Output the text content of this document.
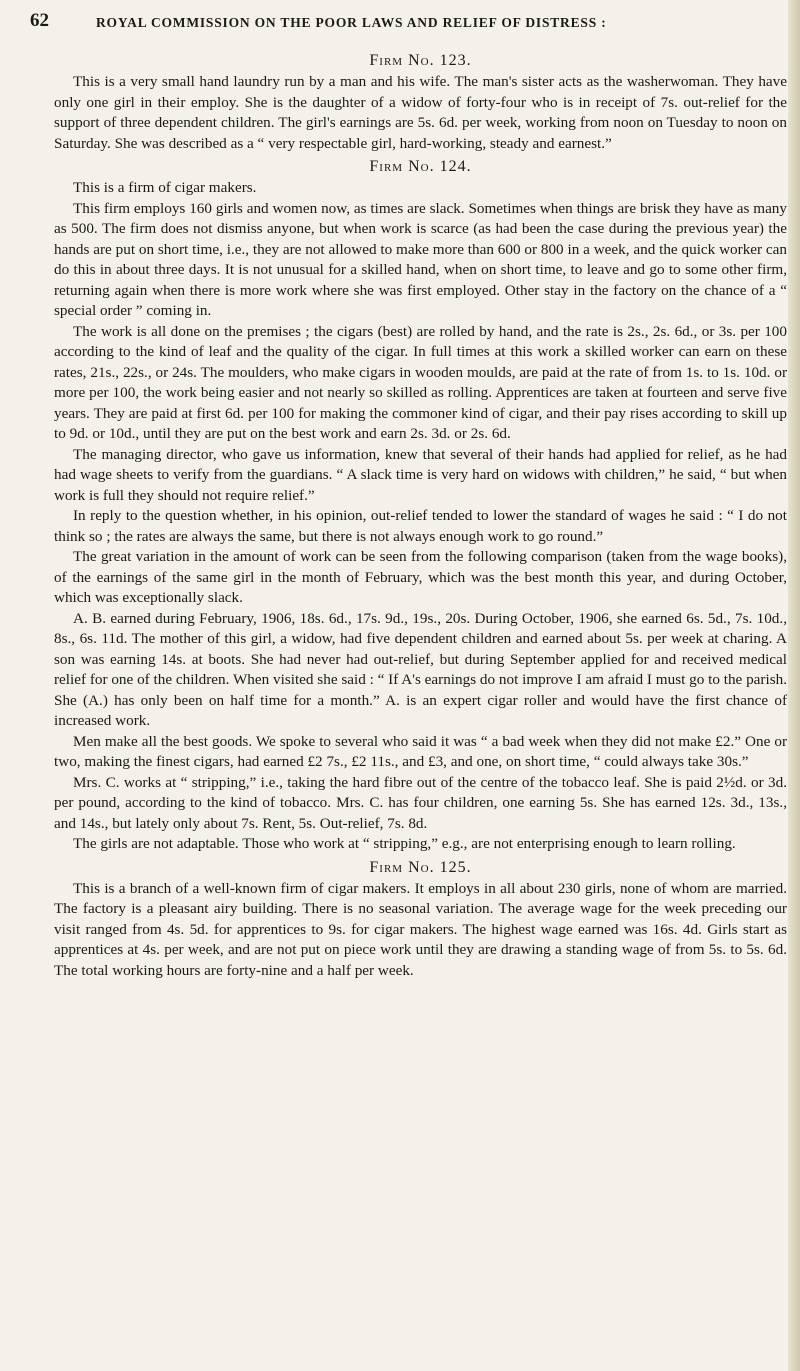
62	ROYAL COMMISSION ON THE POOR LAWS AND RELIEF OF DISTRESS :
Firm No. 123.

This is a very small hand laundry run by a man and his wife. The man's sister acts as the washerwoman. They have only one girl in their employ. She is the daughter of a widow of forty-four who is in receipt of 7s. out-relief for the support of three dependent children. The girl's earnings are 5s. 6d. per week, working from noon on Tuesday to noon on Saturday. She was described as a “ very respectable girl, hard-working, steady and earnest.”

Firm No. 124.

This is a firm of cigar makers.

This firm employs 160 girls and women now, as times are slack. Sometimes when things are brisk they have as many as 500. The firm does not dismiss anyone, but when work is scarce (as had been the case during the previous year) the hands are put on short time, i.e., they are not allowed to make more than 600 or 800 in a week, and the quick worker can do this in about three days. It is not unusual for a skilled hand, when on short time, to leave and go to some other firm, returning again when there is more work where she was first employed. Other stay in the factory on the chance of a “ special order ” coming in.

The work is all done on the premises ; the cigars (best) are rolled by hand, and the rate is 2s., 2s. 6d., or 3s. per 100 according to the kind of leaf and the quality of the cigar. In full times at this work a skilled worker can earn on these rates, 21s., 22s., or 24s. The moulders, who make cigars in wooden moulds, are paid at the rate of from 1s. to 1s. 10d. or more per 100, the work being easier and not nearly so skilled as rolling. Apprentices are taken at fourteen and serve five years. They are paid at first 6d. per 100 for making the commoner kind of cigar, and their pay rises according to skill up to 9d. or 10d., until they are put on the best work and earn 2s. 3d. or 2s. 6d.

The managing director, who gave us information, knew that several of their hands had applied for relief, as he had had wage sheets to verify from the guardians. “ A slack time is very hard on widows with children,” he said, “ but when work is full they should not require relief.”

In reply to the question whether, in his opinion, out-relief tended to lower the standard of wages he said : “ I do not think so ; the rates are always the same, but there is not always enough work to go round.”

The great variation in the amount of work can be seen from the following comparison (taken from the wage books), of the earnings of the same girl in the month of February, which was the best month this year, and during October, which was exceptionally slack.

A. B. earned during February, 1906, 18s. 6d., 17s. 9d., 19s., 20s. During October, 1906, she earned 6s. 5d., 7s. 10d., 8s., 6s. 11d. The mother of this girl, a widow, had five dependent children and earned about 5s. per week at charing. A son was earning 14s. at boots. She had never had out-relief, but during September applied for and received medical relief for one of the children. When visited she said : “ If A's earnings do not improve I am afraid I must go to the parish. She (A.) has only been on half time for a month.” A. is an expert cigar roller and would have the first chance of increased work.

Men make all the best goods. We spoke to several who said it was “ a bad week when they did not make £2.” One or two, making the finest cigars, had earned £2 7s., £2 11s., and £3, and one, on short time, “ could always take 30s.”

Mrs. C. works at “ stripping,” i.e., taking the hard fibre out of the centre of the tobacco leaf. She is paid 2½d. or 3d. per pound, according to the kind of tobacco. Mrs. C. has four children, one earning 5s. She has earned 12s. 3d., 13s., and 14s., but lately only about 7s. Rent, 5s. Out-relief, 7s. 8d.

The girls are not adaptable. Those who work at “ stripping,” e.g., are not enterprising enough to learn rolling.

Firm No. 125.

This is a branch of a well-known firm of cigar makers. It employs in all about 230 girls, none of whom are married. The factory is a pleasant airy building. There is no seasonal variation. The average wage for the week preceding our visit ranged from 4s. 5d. for apprentices to 9s. for cigar makers. The highest wage earned was 16s. 4d. Girls start as apprentices at 4s. per week, and are not put on piece work until they are drawing a standing wage of from 5s. to 5s. 6d. The total working hours are forty-nine and a half per week.
